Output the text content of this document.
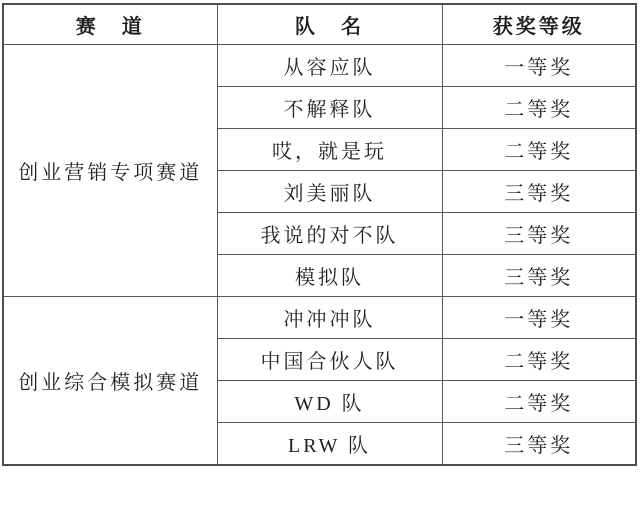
赛　道	队　名	获奖等级
创业营销专项赛道	从容应队	一等奖
	不解释队	二等奖
	哎，就是玩	二等奖
	刘美丽队	三等奖
	我说的对不队	三等奖
	模拟队	三等奖
创业综合模拟赛道	冲冲冲队	一等奖
	中国合伙人队	二等奖
	WD 队	二等奖
	LRW 队	三等奖
